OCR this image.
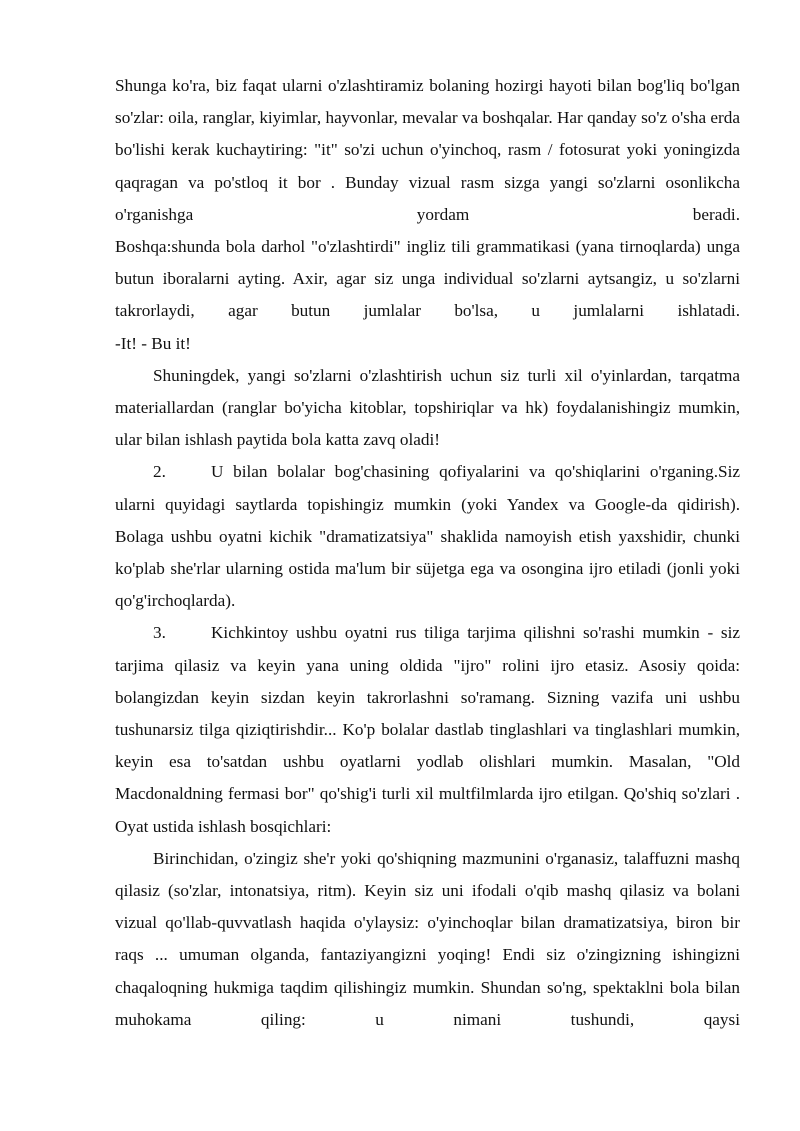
Shunga ko'ra, biz faqat ularni o'zlashtiramiz bolaning hozirgi hayoti bilan bog'liq bo'lgan so'zlar: oila, ranglar, kiyimlar, hayvonlar, mevalar va boshqalar. Har qanday so'z o'sha erda bo'lishi kerak kuchaytiring: "it" so'zi uchun o'yinchoq, rasm / fotosurat yoki yoningizda qaqragan va po'stloq it bor . Bunday vizual rasm sizga yangi so'zlarni osonlikcha o'rganishga yordam beradi.
Boshqa:shunda bola darhol "o'zlashtirdi" ingliz tili grammatikasi (yana tirnoqlarda) unga butun iboralarni ayting. Axir, agar siz unga individual so'zlarni aytsangiz, u so'zlarni takrorlaydi, agar butun jumlalar bo'lsa, u jumlalarni ishlatadi.
-It! - Bu it!

Shuningdek, yangi so'zlarni o'zlashtirish uchun siz turli xil o'yinlardan, tarqatma materiallardan (ranglar bo'yicha kitoblar, topshiriqlar va hk) foydalanishingiz mumkin, ular bilan ishlash paytida bola katta zavq oladi!

2.	U bilan bolalar bog'chasining qofiyalarini va qo'shiqlarini o'rganing.Siz ularni quyidagi saytlarda topishingiz mumkin (yoki Yandex va Google-da qidirish). Bolaga ushbu oyatni kichik "dramatizatsiya" shaklida namoyish etish yaxshidir, chunki ko'plab she'rlar ularning ostida ma'lum bir süjetga ega va osongina ijro etiladi (jonli yoki qo'g'irchoqlarda).

3.	Kichkintoy ushbu oyatni rus tiliga tarjima qilishni so'rashi mumkin - siz tarjima qilasiz va keyin yana uning oldida "ijro" rolini ijro etasiz. Asosiy qoida: bolangizdan keyin sizdan keyin takrorlashni so'ramang. Sizning vazifa uni ushbu tushunarsiz tilga qiziqtirishdir... Ko'p bolalar dastlab tinglashlari va tinglashlari mumkin, keyin esa to'satdan ushbu oyatlarni yodlab olishlari mumkin. Masalan, "Old Macdonaldning fermasi bor" qo'shig'i turli xil multfilmlarda ijro etilgan. Qo'shiq so'zlari . Oyat ustida ishlash bosqichlari:

Birinchidan, o'zingiz she'r yoki qo'shiqning mazmunini o'rganasiz, talaffuzni mashq qilasiz (so'zlar, intonatsiya, ritm). Keyin siz uni ifodali o'qib mashq qilasiz va bolani vizual qo'llab-quvvatlash haqida o'ylaysiz: o'yinchoqlar bilan dramatizatsiya, biron bir raqs ... umuman olganda, fantaziyangizni yoqing! Endi siz o'zingizning ishingizni chaqaloqning hukmiga taqdim qilishingiz mumkin. Shundan so'ng, spektaklni bola bilan muhokama qiling: u nimani tushundi, qaysi
